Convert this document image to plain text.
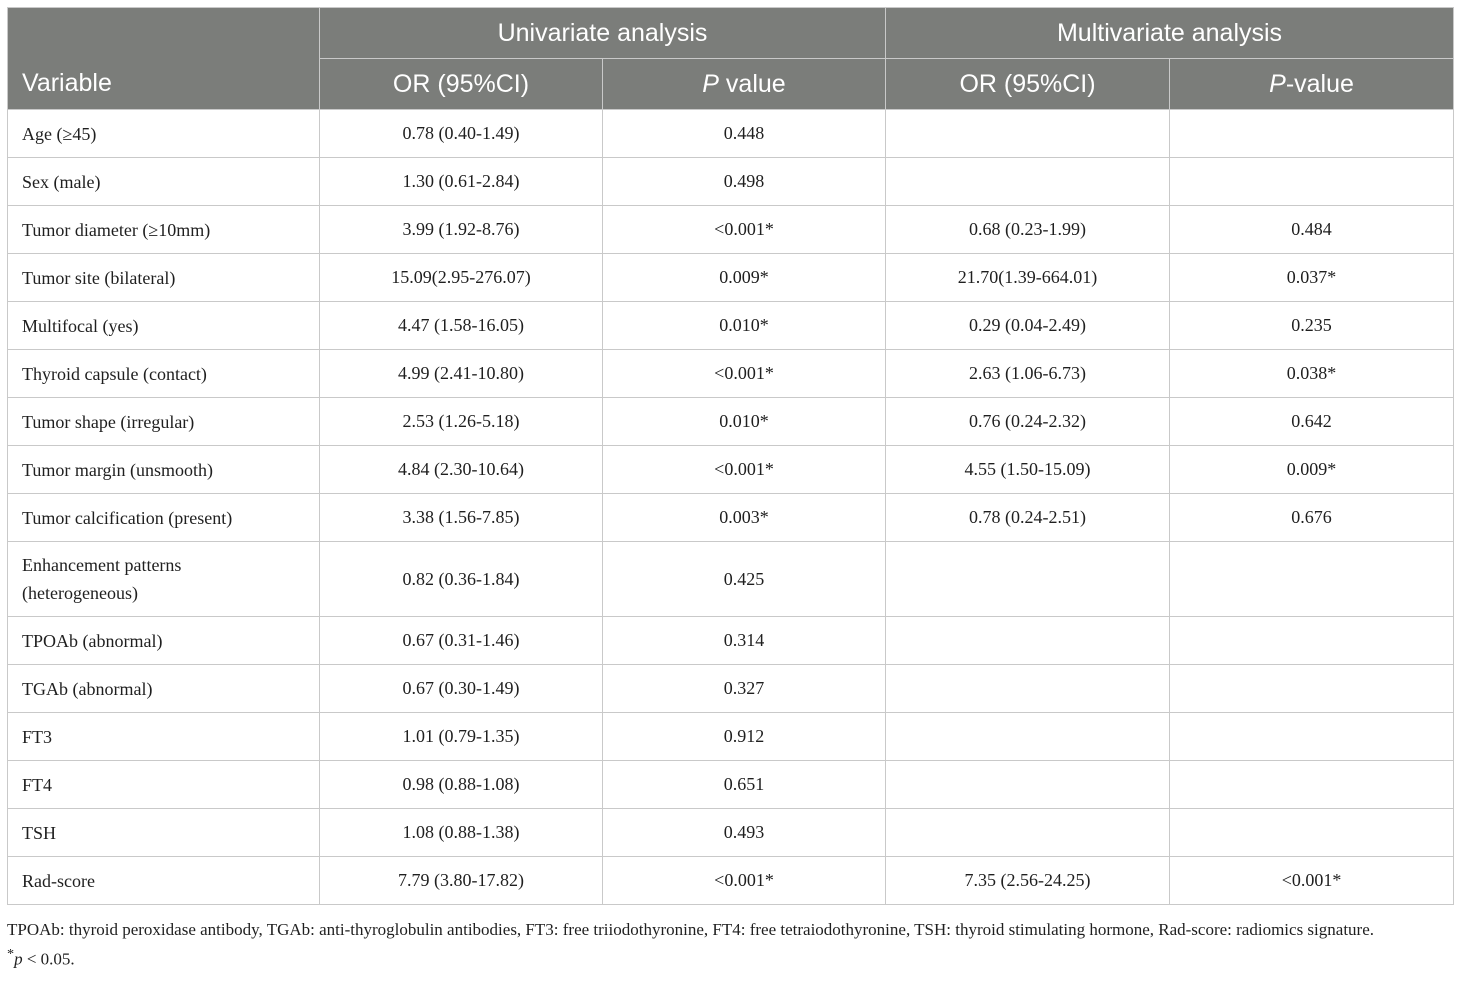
Variable	Univariate analysis		Multivariate analysis	
	OR (95%CI)	P value	OR (95%CI)	P-value
Age (≥45)	0.78 (0.40-1.49)	0.448		
Sex (male)	1.30 (0.61-2.84)	0.498		
Tumor diameter (≥10mm)	3.99 (1.92-8.76)	<0.001*	0.68 (0.23-1.99)	0.484
Tumor site (bilateral)	15.09(2.95-276.07)	0.009*	21.70(1.39-664.01)	0.037*
Multifocal (yes)	4.47 (1.58-16.05)	0.010*	0.29 (0.04-2.49)	0.235
Thyroid capsule (contact)	4.99 (2.41-10.80)	<0.001*	2.63 (1.06-6.73)	0.038*
Tumor shape (irregular)	2.53 (1.26-5.18)	0.010*	0.76 (0.24-2.32)	0.642
Tumor margin (unsmooth)	4.84 (2.30-10.64)	<0.001*	4.55 (1.50-15.09)	0.009*
Tumor calcification (present)	3.38 (1.56-7.85)	0.003*	0.78 (0.24-2.51)	0.676

Enhancement patterns
(heterogeneous)	0.82 (0.36-1.84)	0.425		
TPOAb (abnormal)	0.67 (0.31-1.46)	0.314		
TGAb (abnormal)	0.67 (0.30-1.49)	0.327		
FT3	1.01 (0.79-1.35)	0.912		
FT4	0.98 (0.88-1.08)	0.651		
TSH	1.08 (0.88-1.38)	0.493		
Rad-score	7.79 (3.80-17.82)	<0.001*	7.35 (2.56-24.25)	<0.001*

TPOAb: thyroid peroxidase antibody, TGAb: anti-thyroglobulin antibodies, FT3: free triiodothyronine, FT4: free tetraiodothyronine, TSH: thyroid stimulating hormone, Rad-score: radiomics signature.

*p < 0.05.
